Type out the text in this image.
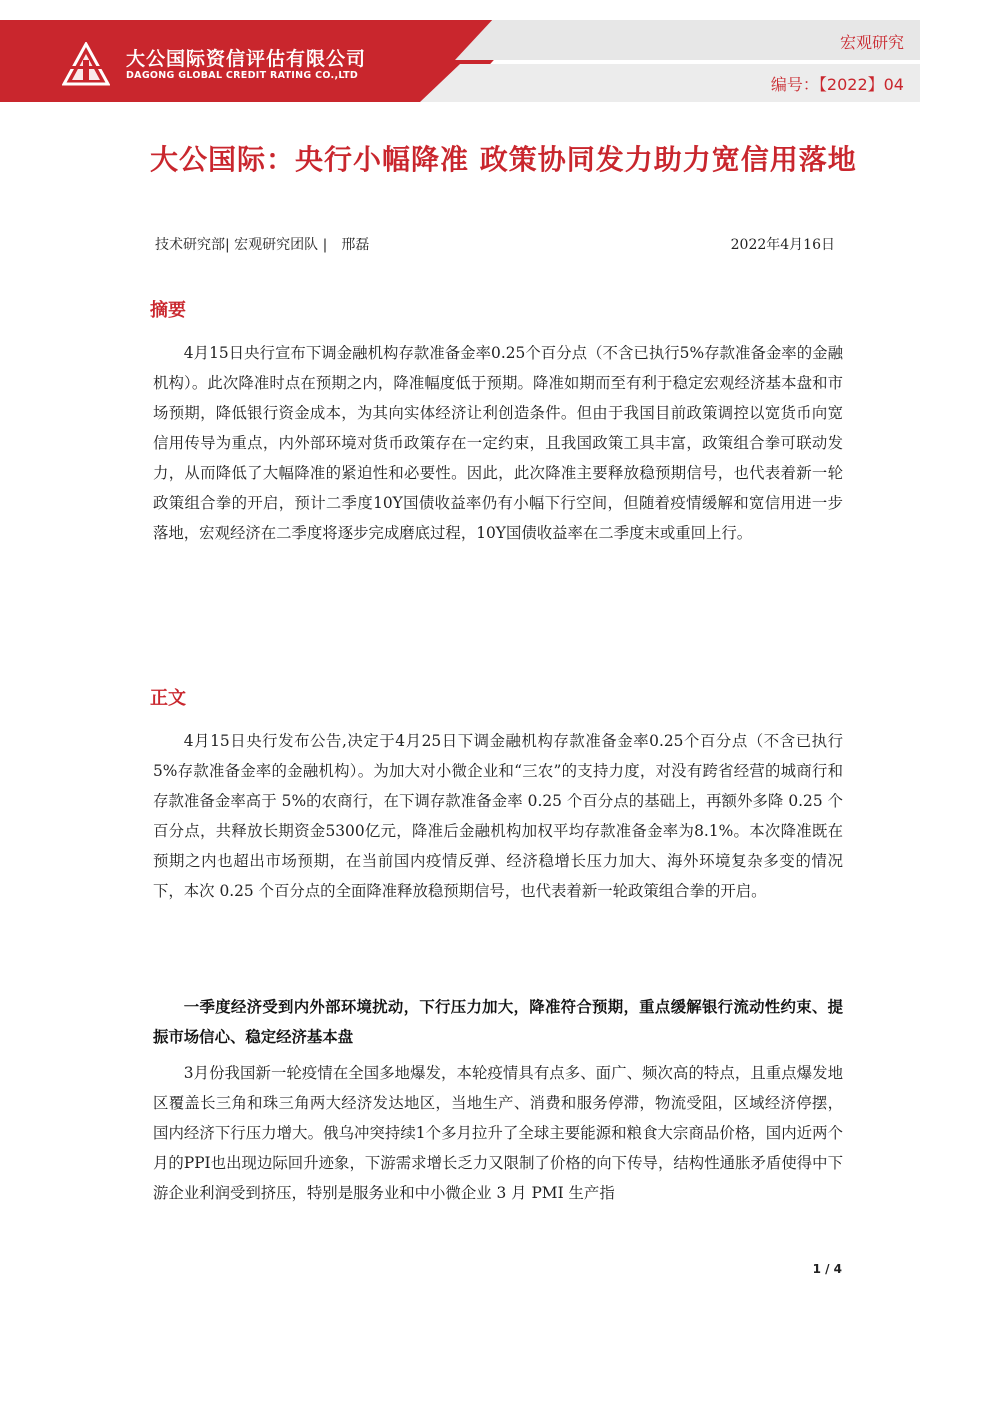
大公国际资信评估有限公司
DAGONG GLOBAL CREDIT RATING CO.,LTD
宏观研究
编号：【2022】04
大公国际：央行小幅降准 政策协同发力助力宽信用落地
技术研究部| 宏观研究团队 |　邢磊	2022年4月16日
摘要

4月15日央行宣布下调金融机构存款准备金率0.25个百分点（不含已执行5%存款准备金率的金融机构）。此次降准时点在预期之内，降准幅度低于预期。降准如期而至有利于稳定宏观经济基本盘和市场预期，降低银行资金成本，为其向实体经济让利创造条件。但由于我国目前政策调控以宽货币向宽信用传导为重点，内外部环境对货币政策存在一定约束，且我国政策工具丰富，政策组合拳可联动发力，从而降低了大幅降准的紧迫性和必要性。因此，此次降准主要释放稳预期信号，也代表着新一轮政策组合拳的开启，预计二季度10Y国债收益率仍有小幅下行空间，但随着疫情缓解和宽信用进一步落地，宏观经济在二季度将逐步完成磨底过程，10Y国债收益率在二季度末或重回上行。

正文

4月15日央行发布公告,决定于4月25日下调金融机构存款准备金率0.25个百分点（不含已执行5%存款准备金率的金融机构）。为加大对小微企业和“三农”的支持力度，对没有跨省经营的城商行和存款准备金率高于 5%的农商行，在下调存款准备金率 0.25 个百分点的基础上，再额外多降 0.25 个百分点，共释放长期资金5300亿元，降准后金融机构加权平均存款准备金率为8.1%。本次降准既在预期之内也超出市场预期，在当前国内疫情反弹、经济稳增长压力加大、海外环境复杂多变的情况下，本次 0.25 个百分点的全面降准释放稳预期信号，也代表着新一轮政策组合拳的开启。

一季度经济受到内外部环境扰动，下行压力加大，降准符合预期，重点缓解银行流动性约束、提振市场信心、稳定经济基本盘

3月份我国新一轮疫情在全国多地爆发，本轮疫情具有点多、面广、频次高的特点，且重点爆发地区覆盖长三角和珠三角两大经济发达地区，当地生产、消费和服务停滞，物流受阻，区域经济停摆，国内经济下行压力增大。俄乌冲突持续1个多月拉升了全球主要能源和粮食大宗商品价格，国内近两个月的PPI也出现边际回升迹象，下游需求增长乏力又限制了价格的向下传导，结构性通胀矛盾使得中下游企业利润受到挤压，特别是服务业和中小微企业 3 月 PMI 生产指

1 / 4
